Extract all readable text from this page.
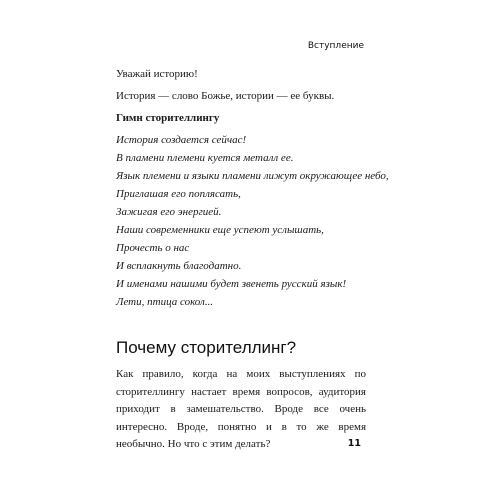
Вступление
Уважай историю!
История — слово Божье, истории — ее буквы.
Гимн сторителлингу
История создается сейчас!
В пламени племени куется металл ее.
Язык племени и языки пламени лижут окружающее небо,
Приглашая его поплясать,
Зажигая его энергией.
Наши современники еще успеют услышать,
Прочесть о нас
И всплакнуть благодатно.
И именами нашими будет звенеть русский язык!
Лети, птица сокол...
Почему сторителлинг?
Как правило, когда на моих выступлениях по сторителлингу настает время вопросов, аудитория приходит в замешательство. Вроде все очень интересно. Вроде, понятно и в то же время необычно. Но что с этим делать?	11
